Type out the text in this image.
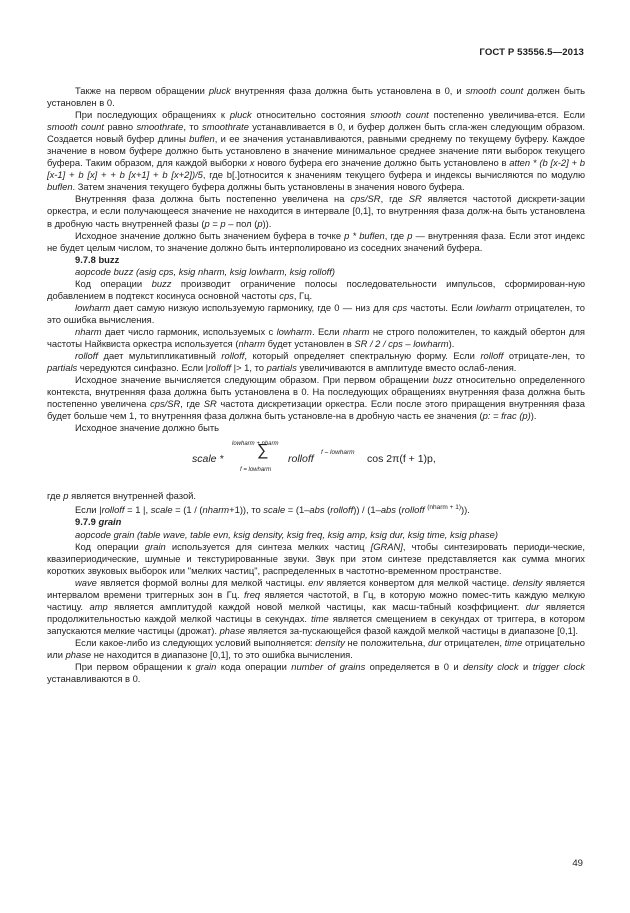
ГОСТ Р 53556.5—2013

Также на первом обращении pluck внутренняя фаза должна быть установлена в 0, и smooth count должен быть установлен в 0.

При последующих обращениях к pluck относительно состояния smooth count постепенно увеличива-ется. Если smooth count равно smoothrate, то smoothrate устанавливается в 0, и буфер должен быть сгла-жен следующим образом. Создается новый буфер длины buflen, и ее значения устанавливаются, равными среднему по текущему буферу. Каждое значение в новом буфере должно быть установлено в значение минимальное среднее значение пяти выборок текущего буфера. Таким образом, для каждой выборки x нового буфера его значение должно быть установлено в atten * (b [x-2] + b [x-1] + b [x] + + b [x+1] + b [x+2])/5, где b[.]относится к значениям текущего буфера и индексы вычисляются по модулю buflen. Затем значения текущего буфера должны быть установлены в значения нового буфера.

Внутренняя фаза должна быть постепенно увеличена на cps/SR, где SR является частотой дискрети-зации оркестра, и если получающееся значение не находится в интервале [0,1], то внутренняя фаза долж-на быть установлена в дробную часть внутренней фазы (p = p – пол (p)).

Исходное значение должно быть значением буфера в точке p * buflen, где p — внутренняя фаза. Если этот индекс не будет целым числом, то значение должно быть интерполировано из соседних значений буфера.

9.7.8 buzz

aopcode buzz (asig cps, ksig nharm, ksig lowharm, ksig rolloff)

Код операции buzz производит ограничение полосы последовательности импульсов, сформирован-ную добавлением в подтекст косинуса основной частоты cps, Гц.

lowharm дает самую низкую используемую гармонику, где 0 — низ для cps частоты. Если lowharm отрицателен, то это ошибка вычисления.

nharm дает число гармоник, используемых с lowharm. Если nharm не строго положителен, то каждый обертон для частоты Найквиста оркестра используется (nharm будет установлен в SR / 2 / cps – lowharm).

rolloff дает мультипликативный rolloff, который определяет спектральную форму. Если rolloff отрицате-лен, то partials чередуются синфазно. Если |rolloff |> 1, то partials увеличиваются в амплитуде вместо ослаб-ления.

Исходное значение вычисляется следующим образом. При первом обращении buzz относительно определенного контекста, внутренняя фаза должна быть установлена в 0. На последующих обращениях внутренняя фаза должна быть постепенно увеличена cps/SR, где SR частота дискретизации оркестра. Если после этого приращения внутренняя фаза будет больше чем 1, то внутренняя фаза должна быть установле-на в дробную часть ее значения (p: = frac (p)).

Исходное значение должно быть

scale *
lowharm + nharm
∑
f = lowharm
rolloff
f – lowharm
cos 2π(f + 1)p,

где p является внутренней фазой.

Если |rolloff = 1 |, scale = (1 / (nharm+1)), то scale = (1–abs (rolloff)) / (1–abs (rolloff $^{(nharm + 1)}$)).

9.7.9 grain

aopcode grain (table wave, table evn, ksig density, ksig freq, ksig amp, ksig dur, ksig time, ksig phase)

Код операции grain используется для синтеза мелких частиц [GRAN], чтобы синтезировать периоди-ческие, квазипериодические, шумные и текстурированные звуки. Звук при этом синтезе представляется как сумма многих коротких звуковых выборок или "мелких частиц", распределенных в частотно-временном пространстве.

wave является формой волны для мелкой частицы. env является конвертом для мелкой частице. density является интервалом времени триггерных зон в Гц. freq является частотой, в Гц, в которую можно помес-тить каждую мелкую частицу. amp является амплитудой каждой новой мелкой частицы, как масш-табный коэффициент. dur является продолжительностью каждой мелкой частицы в секундах. time является смещением в секундах от триггера, в котором запускаются мелкие частицы (дрожат). phase является за-пускающейся фазой каждой мелкой частицы в диапазоне [0,1].

Если какое-либо из следующих условий выполняется: density не положительна, dur отрицателен, time отрицательно или phase не находится в диапазоне [0,1], то это ошибка вычисления.

При первом обращении к grain кода операции number of grains определяется в 0 и density clock и trigger clock устанавливаются в 0.

49
